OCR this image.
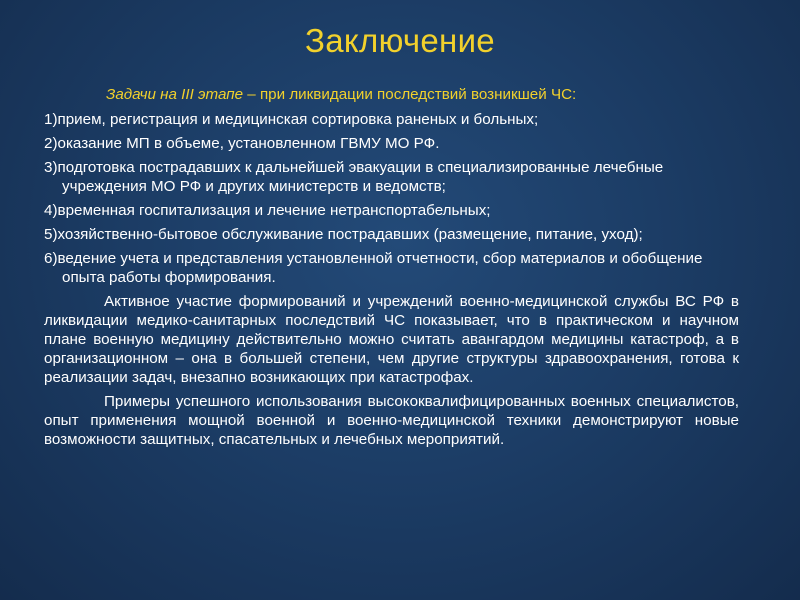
Заключение

Задачи на III этапе – при ликвидации последствий возникшей ЧС:

1)прием, регистрация и медицинская сортировка раненых и больных;
2)оказание МП в объеме, установленном ГВМУ МО РФ.
3)подготовка пострадавших к дальнейшей эвакуации в специализированные лечебные учреждения МО РФ и других министерств и ведомств;
4)временная госпитализация и лечение нетранспортабельных;
5)хозяйственно-бытовое обслуживание пострадавших (размещение, питание, уход);
6)ведение учета и представления установленной отчетности, сбор материалов и обобщение опыта работы формирования.

Активное участие формирований и учреждений военно-медицинской службы ВС РФ в ликвидации медико-санитарных последствий ЧС показывает, что в практическом и научном плане военную медицину действительно можно считать авангардом медицины катастроф, а в организационном – она в большей степени, чем другие структуры здравоохранения, готова к реализации задач, внезапно возникающих при катастрофах.

Примеры успешного использования высококвалифицированных военных специалистов, опыт применения мощной военной и военно-медицинской техники демонстрируют новые возможности защитных, спасательных и лечебных мероприятий.
